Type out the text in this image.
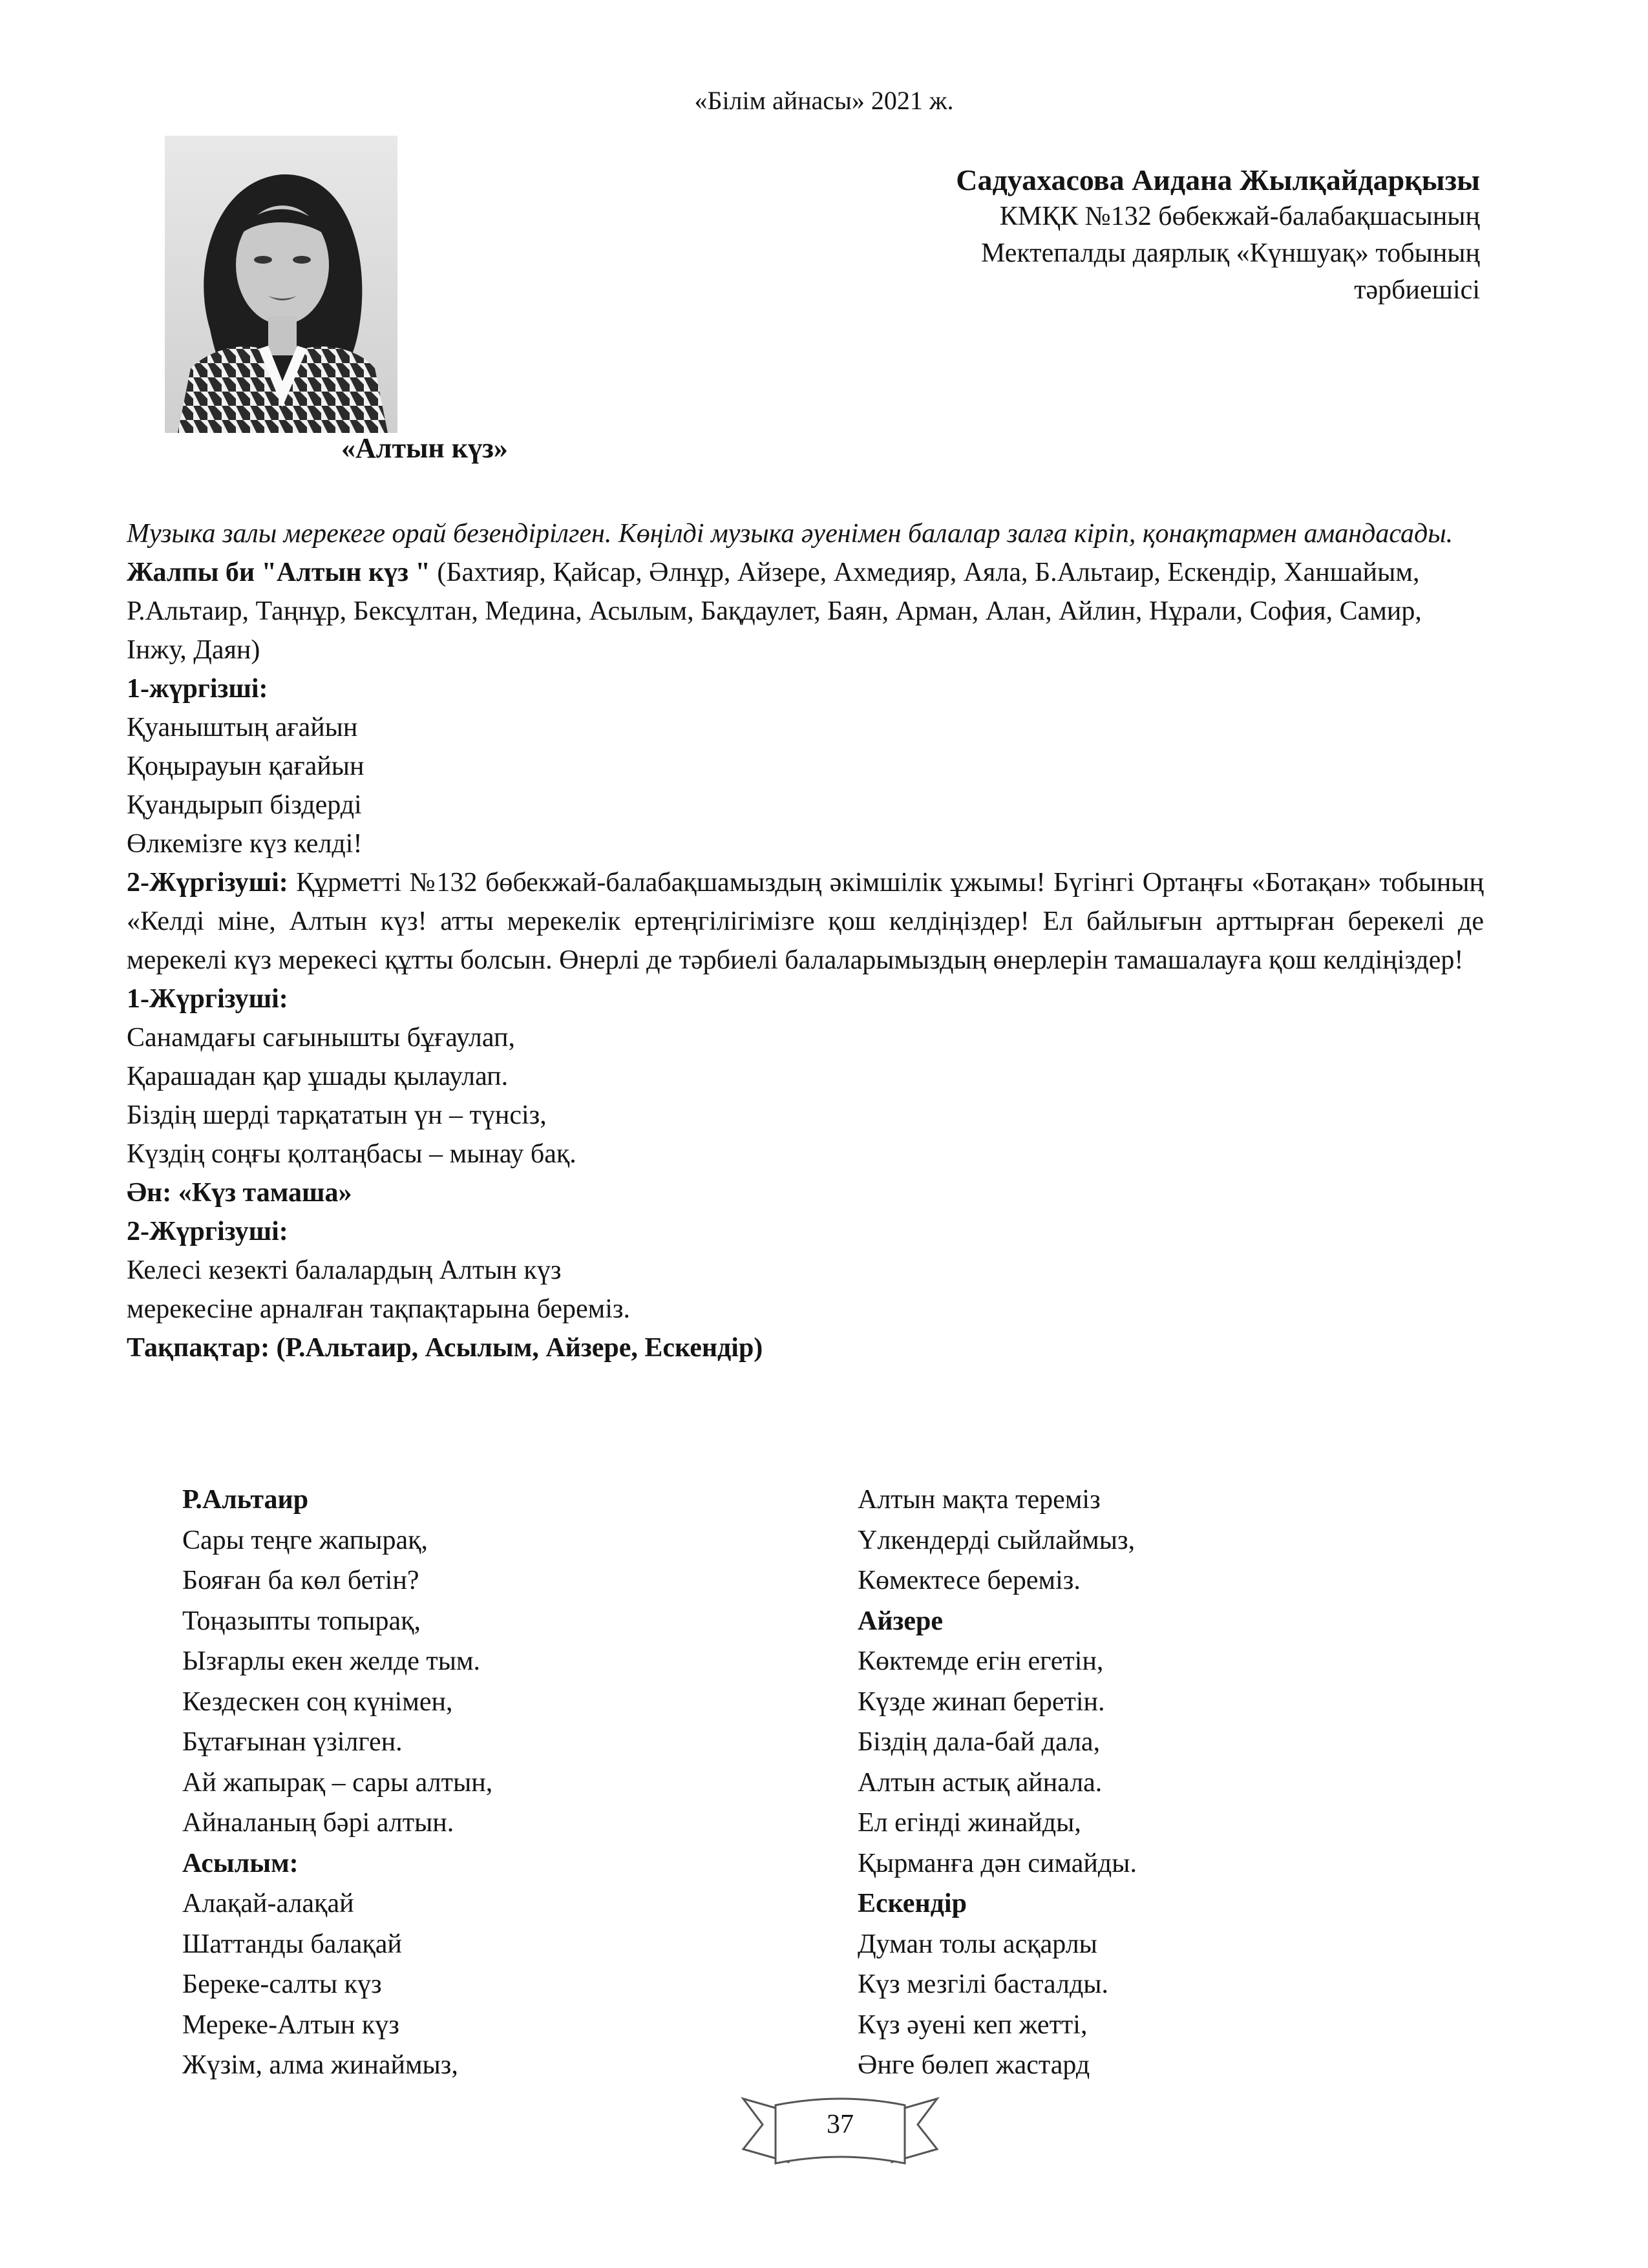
«Білім айнасы» 2021 ж.
Садуахасова Аидана Жылқайдарқызы
КМҚК №132 бөбекжай-балабақшасының
Мектепалды даярлық «Күншуақ» тобының
тәрбиешісі
«Алтын күз»

Музыка залы мерекеге орай безендірілген. Көңілді музыка әуенімен балалар залға кіріп, қонақтармен амандасады.

Жалпы би "Алтын күз " (Бахтияр, Қайсар, Әлнұр, Айзере, Ахмедияр, Аяла, Б.Альтаир, Ескендір, Ханшайым, Р.Альтаир, Таңнұр, Бексұлтан, Медина, Асылым, Бақдаулет, Баян, Арман, Алан, Айлин, Нұрали, София, Самир, Інжу, Даян)

1-жүргізші:

Қуаныштың ағайын

Қоңырауын қағайын

Қуандырып біздерді

Өлкемізге күз келді!

2-Жүргізуші: Құрметті №132 бөбекжай-балабақшамыздың әкімшілік ұжымы! Бүгінгі Ортаңғы «Ботақан» тобының «Келді міне, Алтын күз! атты мерекелік ертеңгілігімізге қош келдіңіздер! Ел байлығын арттырған берекелі де мерекелі күз мерекесі құтты болсын. Өнерлі де тәрбиелі балаларымыздың өнерлерін тамашалауға қош келдіңіздер!

1-Жүргізуші:

Санамдағы сағынышты бұғаулап,

Қарашадан қар ұшады қылаулап.

Біздің шерді тарқататын үн – түнсіз,

Күздің соңғы қолтаңбасы – мынау бақ.

Ән: «Күз тамаша»

2-Жүргізуші:

Келесі кезекті балалардың Алтын күз

мерекесіне арналған тақпақтарына береміз.

Тақпақтар: (Р.Альтаир, Асылым, Айзере, Ескендір)

Р.Альтаир

Сары теңге жапырақ,

Бояған ба көл бетін?

Тоңазыпты топырақ,

Ызғарлы екен желде тым.

Кездескен соң күнімен,

Бұтағынан үзілген.

Ай жапырақ – сары алтын,

Айналаның бәрі алтын.

Асылым:

Алақай-алақай

Шаттанды балақай

Береке-салты күз

Мереке-Алтын күз

Жүзім, алма жинаймыз,

Алтын мақта тереміз

Үлкендерді сыйлаймыз,

Көмектесе береміз.

Айзере

Көктемде егін егетін,

Күзде жинап беретін.

Біздің дала-бай дала,

Алтын астық айнала.

Ел егінді жинайды,

Қырманға дән симайды.

Ескендір

Думан толы асқарлы

Күз мезгілі басталды.

Күз әуені кеп жетті,

Әнге бөлеп жастард

37
